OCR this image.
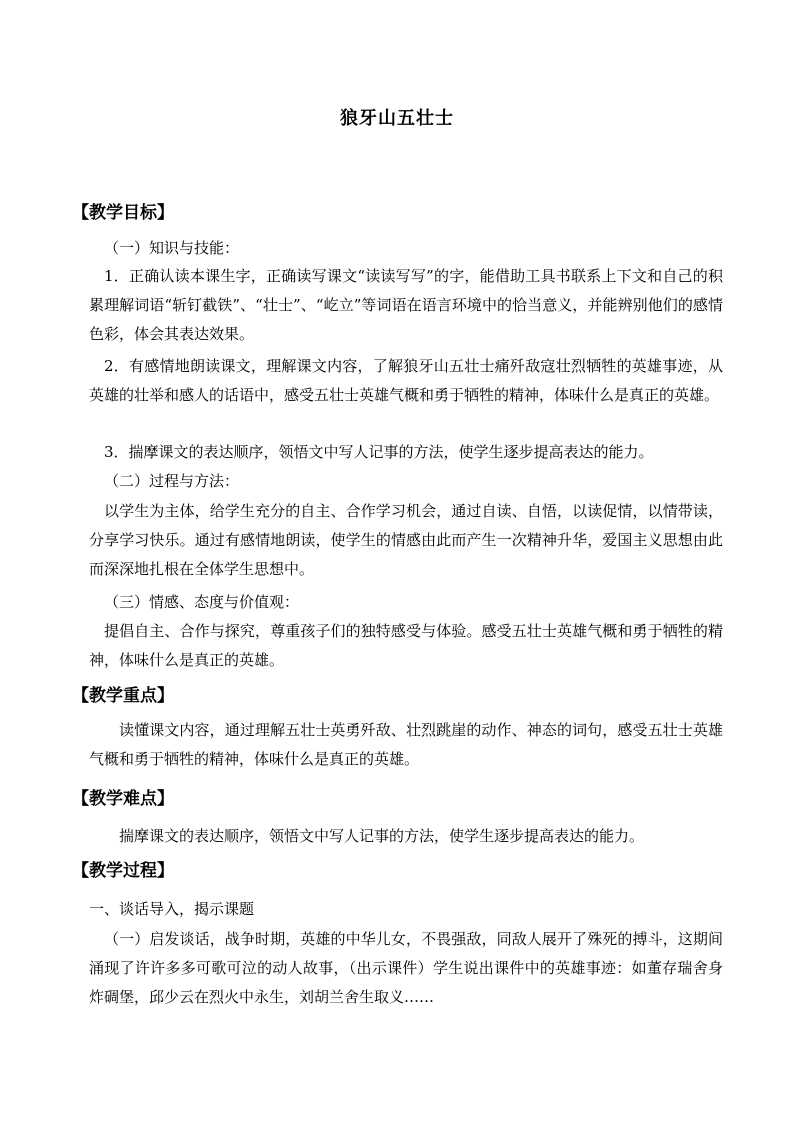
狼牙山五壮士
【教学目标】

（一）知识与技能：

1．正确认读本课生字，正确读写课文“读读写写”的字，能借助工具书联系上下文和自己的积累理解词语“斩钉截铁”、“壮士”、“屹立”等词语在语言环境中的恰当意义，并能辨别他们的感情色彩，体会其表达效果。

2．有感情地朗读课文，理解课文内容，了解狼牙山五壮士痛歼敌寇壮烈牺牲的英雄事迹，从英雄的壮举和感人的话语中，感受五壮士英雄气概和勇于牺牲的精神，体味什么是真正的英雄。

3．揣摩课文的表达顺序，领悟文中写人记事的方法，使学生逐步提高表达的能力。

（二）过程与方法：

以学生为主体，给学生充分的自主、合作学习机会，通过自读、自悟，以读促情，以情带读，分享学习快乐。通过有感情地朗读，使学生的情感由此而产生一次精神升华，爱国主义思想由此而深深地扎根在全体学生思想中。

（三）情感、态度与价值观：

提倡自主、合作与探究，尊重孩子们的独特感受与体验。感受五壮士英雄气概和勇于牺牲的精神，体味什么是真正的英雄。

【教学重点】

读懂课文内容，通过理解五壮士英勇歼敌、壮烈跳崖的动作、神态的词句，感受五壮士英雄气概和勇于牺牲的精神，体味什么是真正的英雄。

【教学难点】

揣摩课文的表达顺序，领悟文中写人记事的方法，使学生逐步提高表达的能力。

【教学过程】

一、谈话导入，揭示课题

（一）启发谈话，战争时期，英雄的中华儿女，不畏强敌，同敌人展开了殊死的搏斗，这期间涌现了许许多多可歌可泣的动人故事，（出示课件）学生说出课件中的英雄事迹：如董存瑞舍身炸碉堡，邱少云在烈火中永生，刘胡兰舍生取义……
